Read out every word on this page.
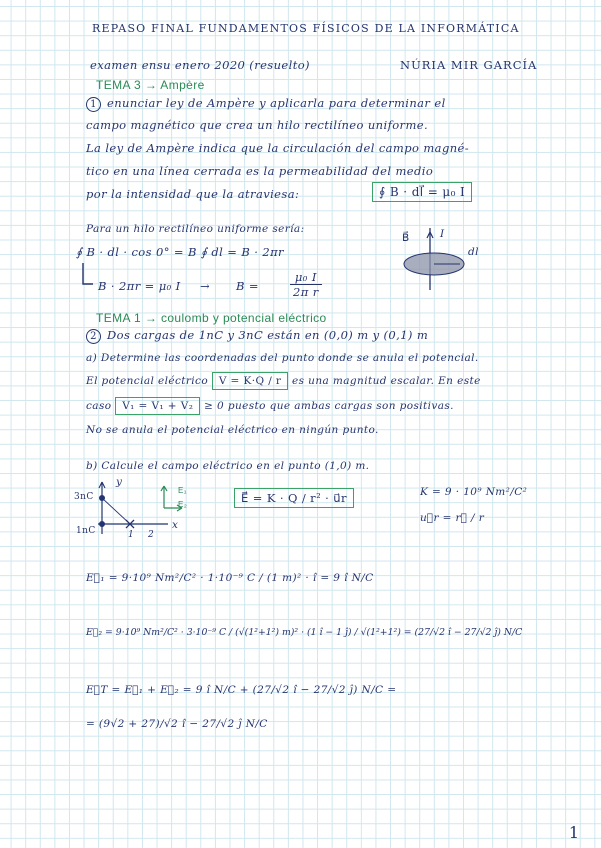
REPASO FINAL FUNDAMENTOS FÍSICOS DE LA INFORMÁTICA
examen ensu enero 2020 (resuelto)	NÚRIA MIR GARCÍA
TEMA 3 → Ampère
1 enunciar ley de Ampère y aplicarla para determinar el
campo magnético que crea un hilo rectilíneo uniforme.
La ley de Ampère indica que la circulación del campo magné-
tico en una línea cerrada es la permeabilidad del medio
por la intensidad que la atraviesa:	∮ B · dl⃗ = μ₀ I
Para un hilo rectilíneo uniforme sería:
∮ B · dl · cos 0° = B ∮ dl = B · 2πr
B · 2πr = μ₀ I → B =	$\frac{\text{μ₀ I}}{\text{2π r}}$
B⃗	I
dl
TEMA 1 → coulomb y potencial eléctrico
2 Dos cargas de 1nC y 3nC están en (0,0) m y (0,1) m
a) Determine las coordenadas del punto donde se anula el potencial.
El potencial eléctrico V = K·Q / r es una magnitud escalar. En este
caso V₁ = V₁ + V₂ ≥ 0 puesto que ambas cargas son positivas.
No se anula el potencial eléctrico en ningún punto.
b) Calcule el campo eléctrico en el punto (1,0) m.
3nC
1nC
y
x
1 2
E₁
E₂	E⃗ = K · Q / r² · u⃗r	K = 9 · 10⁹ Nm²/C²
u⃗r = r⃗ / r
E⃗₁ = 9·10⁹ Nm²/C² · 1·10⁻⁹ C / (1 m)² · î = 9 î N/C
E⃗₂ = 9·10⁹ Nm²/C² · 3·10⁻⁹ C / (√(1²+1²) m)² · (1 î − 1 ĵ) / √(1²+1²) = (27/√2 î − 27/√2 ĵ) N/C
E⃗T = E⃗₁ + E⃗₂ = 9 î N/C + (27/√2 î − 27/√2 ĵ) N/C =
= (9√2 + 27)/√2 î − 27/√2 ĵ N/C
1
